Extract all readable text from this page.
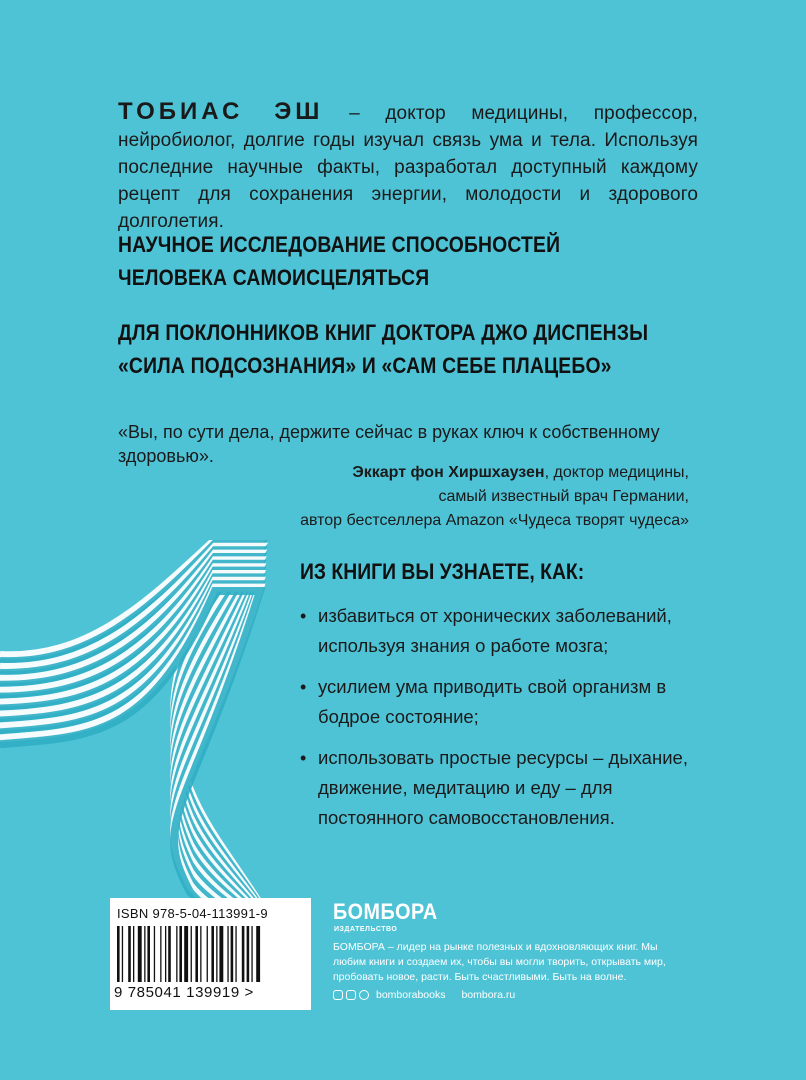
ТОБИАС ЭШ – доктор медицины, профессор, нейробиолог, долгие годы изучал связь ума и тела. Используя последние научные факты, разработал доступный каждому рецепт для сохранения энергии, молодости и здорового долголетия.
НАУЧНОЕ ИССЛЕДОВАНИЕ СПОСОБНОСТЕЙ
ЧЕЛОВЕКА САМОИСЦЕЛЯТЬСЯ
ДЛЯ ПОКЛОННИКОВ КНИГ ДОКТОРА ДЖО ДИСПЕНЗЫ
«СИЛА ПОДСОЗНАНИЯ» И «САМ СЕБЕ ПЛАЦЕБО»
«Вы, по сути дела, держите сейчас в руках ключ к собственному здоровью».
Эккарт фон Хиршхаузен, доктор медицины,
самый известный врач Германии,
автор бестселлера Amazon «Чудеса творят чудеса»
ИЗ КНИГИ ВЫ УЗНАЕТЕ, КАК:
• избавиться от хронических заболеваний, используя знания о работе мозга;
• усилием ума приводить свой организм в бодрое состояние;
• использовать простые ресурсы – дыхание, движение, медитацию и еду – для постоянного самовосстановления.
ISBN 978-5-04-113991-9
9 785041 139919 >
БОМБОРА
ИЗДАТЕЛЬСТВО
БОМБОРА – лидер на рынке полезных и вдохновляющих книг. Мы любим книги и создаем их, чтобы вы могли творить, открывать мир, пробовать новое, расти. Быть счастливыми. Быть на волне.
bomborabooks bombora.ru
